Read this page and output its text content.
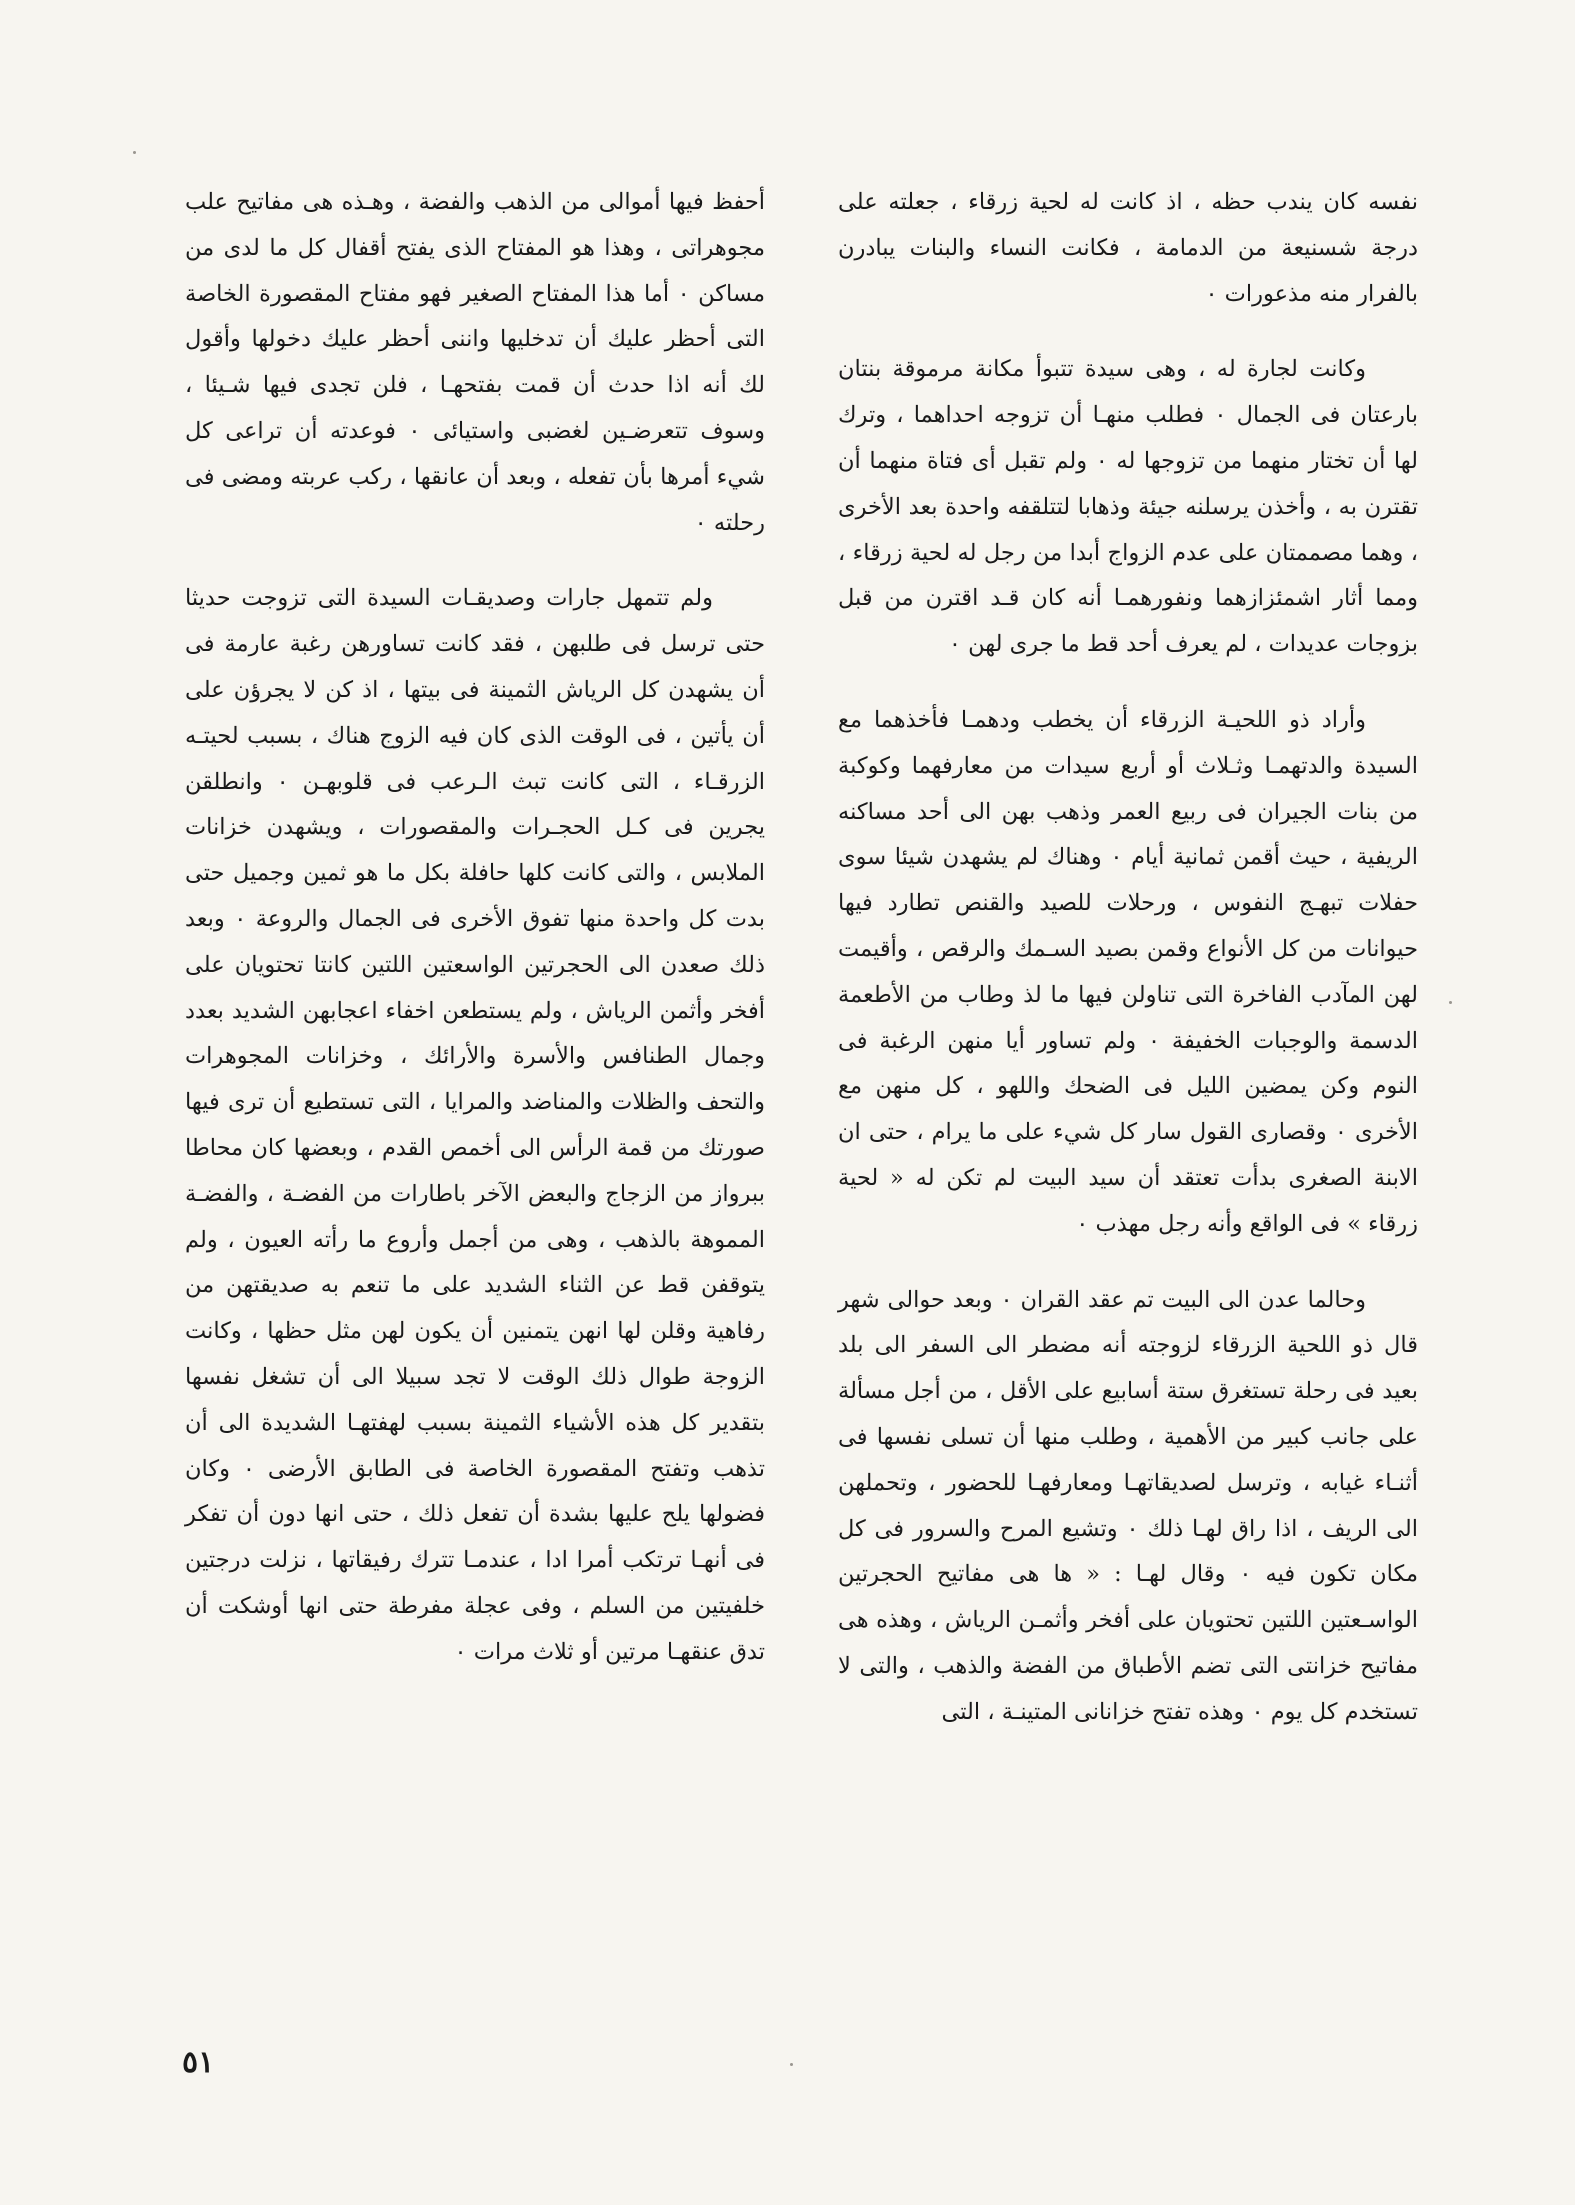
نفسه كان يندب حظه ، اذ كانت له لحية زرقاء ، جعلته على درجة شسنيعة من الدمامة ، فكانت النساء والبنات يبادرن بالفرار منه مذعورات ٠

وكانت لجارة له ، وهى سيدة تتبوأ مكانة مرموقة بنتان بارعتان فى الجمال ٠ فطلب منهـا أن تزوجه احداهما ، وترك لها أن تختار منهما من تزوجها له ٠ ولم تقبل أى فتاة منهما أن تقترن به ، وأخذن يرسلنه جيئة وذهابا لتتلقفه واحدة بعد الأخرى ، وهما مصممتان على عدم الزواج أبدا من رجل له لحية زرقاء ، ومما أثار اشمئزازهما ونفورهمـا أنه كان قـد اقترن من قبل بزوجات عديدات ، لم يعرف أحد قط ما جرى لهن ٠

وأراد ذو اللحيـة الزرقاء أن يخطب ودهمـا فأخذهما مع السيدة والدتهمـا وثـلاث أو أربع سيدات من معارفهما وكوكبة من بنات الجيران فى ربيع العمر وذهب بهن الى أحد مساكنه الريفية ، حيث أقمن ثمانية أيام ٠ وهناك لم يشهدن شيئا سوى حفلات تبهـج النفوس ، ورحلات للصيد والقنص تطارد فيها حيوانات من كل الأنواع وقمن بصيد السـمك والرقص ، وأقيمت لهن المآدب الفاخرة التى تناولن فيها ما لذ وطاب من الأطعمة الدسمة والوجبات الخفيفة ٠ ولم تساور أيا منهن الرغبة فى النوم وكن يمضين الليل فى الضحك واللهو ، كل منهن مع الأخرى ٠ وقصارى القول سار كل شيء على ما يرام ، حتى ان الابنة الصغرى بدأت تعتقد أن سيد البيت لم تكن له « لحية زرقاء » فى الواقع وأنه رجل مهذب ٠

وحالما عدن الى البيت تم عقد القران ٠ وبعد حوالى شهر قال ذو اللحية الزرقاء لزوجته أنه مضطر الى السفر الى بلد بعيد فى رحلة تستغرق ستة أسابيع على الأقل ، من أجل مسألة على جانب كبير من الأهمية ، وطلب منها أن تسلى نفسها فى أثنـاء غيابه ، وترسل لصديقاتهـا ومعارفهـا للحضور ، وتحملهن الى الريف ، اذا راق لهـا ذلك ٠ وتشيع المرح والسرور فى كل مكان تكون فيه ٠ وقال لهـا : « ها هى مفاتيح الحجرتين الواسـعتين اللتين تحتويان على أفخر وأثمـن الرياش ، وهذه هى مفاتيح خزانتى التى تضم الأطباق من الفضة والذهب ، والتى لا تستخدم كل يوم ٠ وهذه تفتح خزانانى المتينـة ، التى

أحفظ فيها أموالى من الذهب والفضة ، وهـذه هى مفاتيح علب مجوهراتى ، وهذا هو المفتاح الذى يفتح أقفال كل ما لدى من مساكن ٠ أما هذا المفتاح الصغير فهو مفتاح المقصورة الخاصة التى أحظر عليك أن تدخليها واننى أحظر عليك دخولها وأقول لك أنه اذا حدث أن قمت بفتحهـا ، فلن تجدى فيها شـيئا ، وسوف تتعرضـين لغضبى واستيائى ٠ فوعدته أن تراعى كل شيء أمرها بأن تفعله ، وبعد أن عانقها ، ركب عربته ومضى فى رحلته ٠

ولم تتمهل جارات وصديقـات السيدة التى تزوجت حديثا حتى ترسل فى طلبهن ، فقد كانت تساورهن رغبة عارمة فى أن يشهدن كل الرياش الثمينة فى بيتها ، اذ كن لا يجرؤن على أن يأتين ، فى الوقت الذى كان فيه الزوج هناك ، بسبب لحيتـه الزرقـاء ، التى كانت تبث الـرعب فى قلوبهـن ٠ وانطلقن يجرين فى كـل الحجـرات والمقصورات ، ويشهدن خزانات الملابس ، والتى كانت كلها حافلة بكل ما هو ثمين وجميل حتى بدت كل واحدة منها تفوق الأخرى فى الجمال والروعة ٠ وبعد ذلك صعدن الى الحجرتين الواسعتين اللتين كانتا تحتويان على أفخر وأثمن الرياش ، ولم يستطعن اخفاء اعجابهن الشديد بعدد وجمال الطنافس والأسرة والأرائك ، وخزانات المجوهرات والتحف والظلات والمناضد والمرايا ، التى تستطيع أن ترى فيها صورتك من قمة الرأس الى أخمص القدم ، وبعضها كان محاطا ببرواز من الزجاج والبعض الآخر باطارات من الفضـة ، والفضـة المموهة بالذهب ، وهى من أجمل وأروع ما رأته العيون ، ولم يتوقفن قط عن الثناء الشديد على ما تنعم به صديقتهن من رفاهية وقلن لها انهن يتمنين أن يكون لهن مثل حظها ، وكانت الزوجة طوال ذلك الوقت لا تجد سبيلا الى أن تشغل نفسها بتقدير كل هذه الأشياء الثمينة بسبب لهفتهـا الشديدة الى أن تذهب وتفتح المقصورة الخاصة فى الطابق الأرضى ٠ وكان فضولها يلح عليها بشدة أن تفعل ذلك ، حتى انها دون أن تفكر فى أنهـا ترتكب أمرا ادا ، عندمـا تترك رفيقاتها ، نزلت درجتين خلفيتين من السلم ، وفى عجلة مفرطة حتى انها أوشكت أن تدق عنقهـا مرتين أو ثلاث مرات ٠

٥١
